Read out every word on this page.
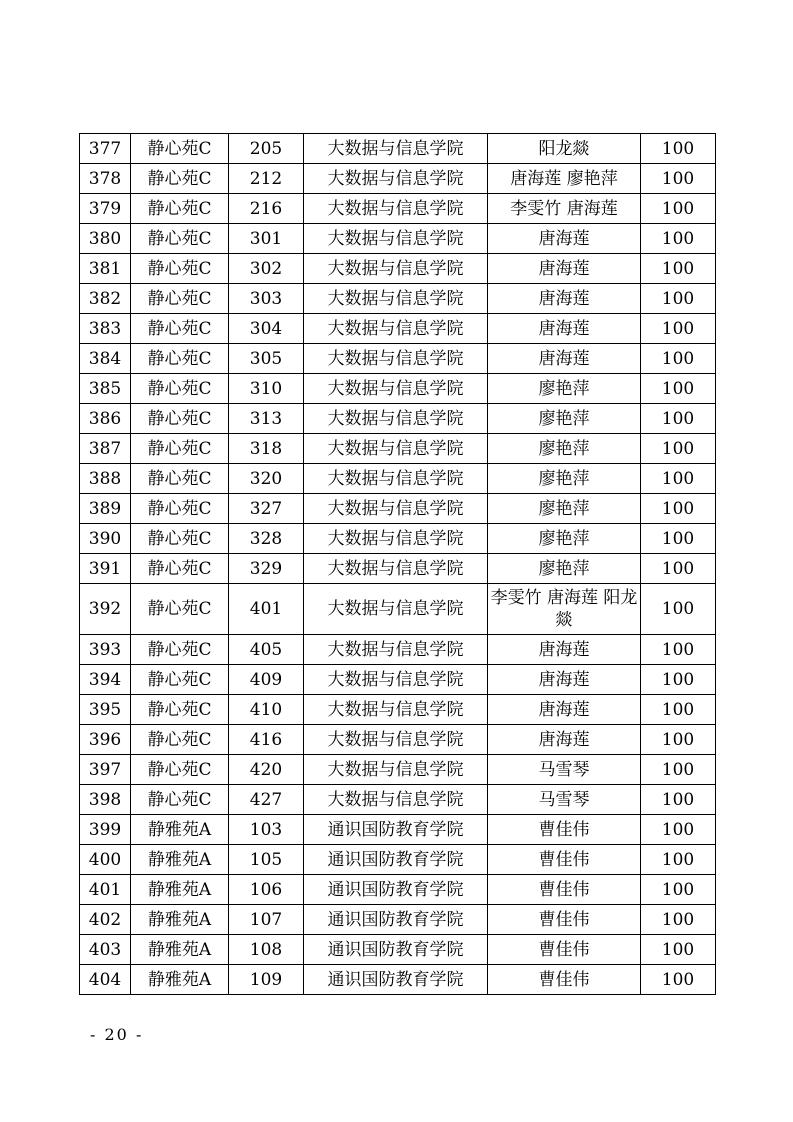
377	静心苑C	205	大数据与信息学院	阳龙燚	100
378	静心苑C	212	大数据与信息学院	唐海莲 廖艳萍	100
379	静心苑C	216	大数据与信息学院	李雯竹 唐海莲	100
380	静心苑C	301	大数据与信息学院	唐海莲	100
381	静心苑C	302	大数据与信息学院	唐海莲	100
382	静心苑C	303	大数据与信息学院	唐海莲	100
383	静心苑C	304	大数据与信息学院	唐海莲	100
384	静心苑C	305	大数据与信息学院	唐海莲	100
385	静心苑C	310	大数据与信息学院	廖艳萍	100
386	静心苑C	313	大数据与信息学院	廖艳萍	100
387	静心苑C	318	大数据与信息学院	廖艳萍	100
388	静心苑C	320	大数据与信息学院	廖艳萍	100
389	静心苑C	327	大数据与信息学院	廖艳萍	100
390	静心苑C	328	大数据与信息学院	廖艳萍	100
391	静心苑C	329	大数据与信息学院	廖艳萍	100
392	静心苑C	401	大数据与信息学院	李雯竹 唐海莲 阳龙燚	100
393	静心苑C	405	大数据与信息学院	唐海莲	100
394	静心苑C	409	大数据与信息学院	唐海莲	100
395	静心苑C	410	大数据与信息学院	唐海莲	100
396	静心苑C	416	大数据与信息学院	唐海莲	100
397	静心苑C	420	大数据与信息学院	马雪琴	100
398	静心苑C	427	大数据与信息学院	马雪琴	100
399	静雅苑A	103	通识国防教育学院	曹佳伟	100
400	静雅苑A	105	通识国防教育学院	曹佳伟	100
401	静雅苑A	106	通识国防教育学院	曹佳伟	100
402	静雅苑A	107	通识国防教育学院	曹佳伟	100
403	静雅苑A	108	通识国防教育学院	曹佳伟	100
404	静雅苑A	109	通识国防教育学院	曹佳伟	100
- 20 -
